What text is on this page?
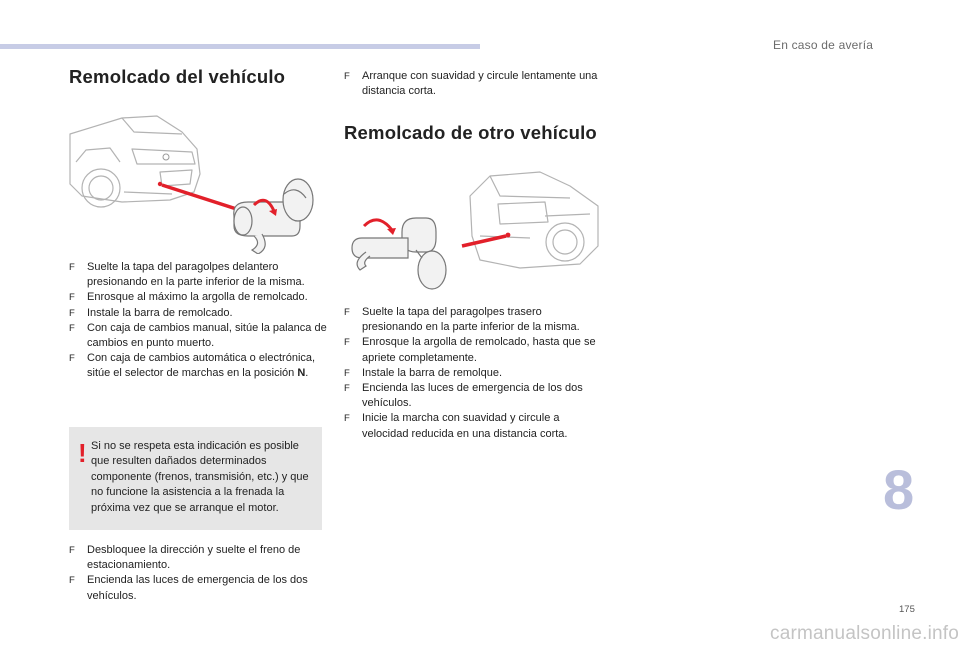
En caso de avería
Remolcado del vehículo
F Suelte la tapa del paragolpes delantero presionando en la parte inferior de la misma.
F Enrosque al máximo la argolla de remolcado.
F Instale la barra de remolcado.
F Con caja de cambios manual, sitúe la palanca de cambios en punto muerto.
F Con caja de cambios automática o electrónica, sitúe el selector de marchas en la posición N.
! Si no se respeta esta indicación es posible que resulten dañados determinados componente (frenos, transmisión, etc.) y que no funcione la asistencia a la frenada la próxima vez que se arranque el motor.
F Desbloquee la dirección y suelte el freno de estacionamiento.
F Encienda las luces de emergencia de los dos vehículos.
F Arranque con suavidad y circule lentamente una distancia corta.
Remolcado de otro vehículo
F Suelte la tapa del paragolpes trasero presionando en la parte inferior de la misma.
F Enrosque la argolla de remolcado, hasta que se apriete completamente.
F Instale la barra de remolque.
F Encienda las luces de emergencia de los dos vehículos.
F Inicie la marcha con suavidad y circule a velocidad reducida en una distancia corta.
8
175
carmanualsonline.info
